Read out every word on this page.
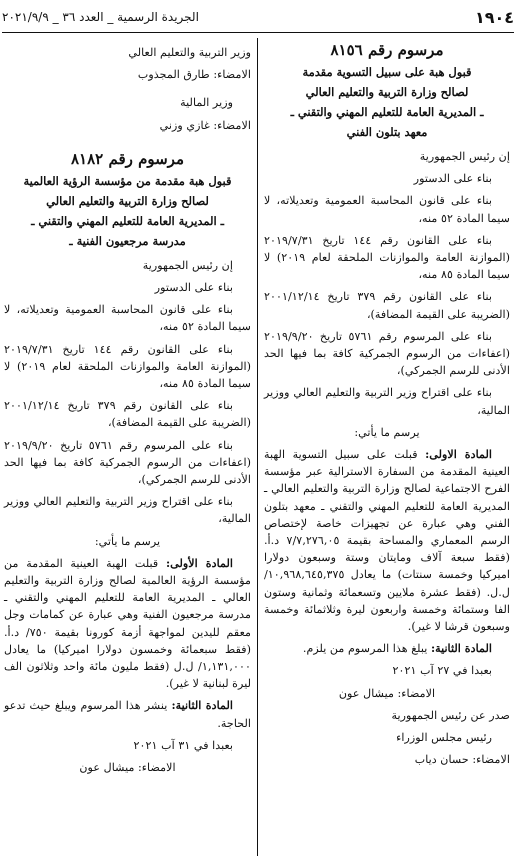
الجريدة الرسمية _ العدد ٣٦ _ ٢٠٢١/٩/٩	١٩٠٤
مرسوم رقم ٨١٥٦
قبول هبة على سبيل التسوية مقدمة
لصالح وزارة التربية والتعليم العالي
ـ المديرية العامة للتعليم المهني والتقني ـ
معهد بتلون الفني

إن رئيس الجمهورية

بناء على الدستور

بناء على قانون المحاسبة العمومية وتعديلاته، لا سيما المادة ٥٢ منه،

بناء على القانون رقم ١٤٤ تاريخ ٢٠١٩/٧/٣١ (الموازنة العامة والموازنات الملحقة لعام ٢٠١٩) لا سيما المادة ٨٥ منه،

بناء على القانون رقم ٣٧٩ تاريخ ٢٠٠١/١٢/١٤ (الضريبة على القيمة المضافة)،

بناء على المرسوم رقم ٥٧٦١ تاريخ ٢٠١٩/٩/٢٠ (اعفاءات من الرسوم الجمركية كافة بما فيها الحد الأدنى للرسم الجمركي)،

بناء على اقتراح وزير التربية والتعليم العالي ووزير المالية،

يرسم ما يأتي:

المادة الاولى: قبلت على سبيل التسوية الهبة العينية المقدمة من السفارة الاسترالية عبر مؤسسة الفرح الاجتماعية لصالح وزارة التربية والتعليم العالي ـ المديرية العامة للتعليم المهني والتقني ـ معهد بتلون الفني وهي عبارة عن تجهيزات خاصة لإختصاص الرسم المعماري والمساحة بقيمة ٧/٧,٢٧٦,٠٥ د.أ. (فقط سبعة آلاف ومايتان وستة وسبعون دولارا اميركيا وخمسة سنتات) ما يعادل ١٠,٩٦٨,٦٤٥,٣٧٥/ ل.ل. (فقط عشرة ملايين وتسعمائة وثمانية وستون الفا وستمائة وخمسة واربعون ليرة وثلاثمائة وخمسة وسبعون قرشا لا غير).

المادة الثانية: يبلغ هذا المرسوم من يلزم.

بعبدا في ٢٧ آب ٢٠٢١

الامضاء: ميشال عون

صدر عن رئيس الجمهورية

رئيس مجلس الوزراء

الامضاء: حسان دياب

وزير التربية والتعليم العالي

الامضاء: طارق المجذوب

وزير المالية

الامضاء: غازي وزني

مرسوم رقم ٨١٨٢
قبول هبة مقدمة من مؤسسة الرؤية العالمية
لصالح وزارة التربية والتعليم العالي
ـ المديرية العامة للتعليم المهني والتقني ـ
مدرسة مرجعيون الفنية ـ

إن رئيس الجمهورية

بناء على الدستور

بناء على قانون المحاسبة العمومية وتعديلاته، لا سيما المادة ٥٢ منه،

بناء على القانون رقم ١٤٤ تاريخ ٢٠١٩/٧/٣١ (الموازنة العامة والموازنات الملحقة لعام ٢٠١٩) لا سيما المادة ٨٥ منه،

بناء على القانون رقم ٣٧٩ تاريخ ٢٠٠١/١٢/١٤ (الضريبة على القيمة المضافة)،

بناء على المرسوم رقم ٥٧٦١ تاريخ ٢٠١٩/٩/٢٠ (اعفاءات من الرسوم الجمركية كافة بما فيها الحد الأدنى للرسم الجمركي)،

بناء على اقتراح وزير التربية والتعليم العالي ووزير المالية،

يرسم ما يأتي:

المادة الأولى: قبلت الهبة العينية المقدمة من مؤسسة الرؤية العالمية لصالح وزارة التربية والتعليم العالي ـ المديرية العامة للتعليم المهني والتقني ـ مدرسة مرجعيون الفنية وهي عبارة عن كمامات وجل معقم لليدين لمواجهة أزمة كورونا بقيمة ٧٥٠/ د.أ. (فقط سبعمائة وخمسون دولارا اميركيا) ما يعادل ١,١٣١,٠٠٠/ ل.ل (فقط مليون مائة واحد وثلاثون الف ليرة لبنانية لا غير).

المادة الثانية: ينشر هذا المرسوم ويبلغ حيث تدعو الحاجة.

بعبدا في ٣١ آب ٢٠٢١

الامضاء: ميشال عون
